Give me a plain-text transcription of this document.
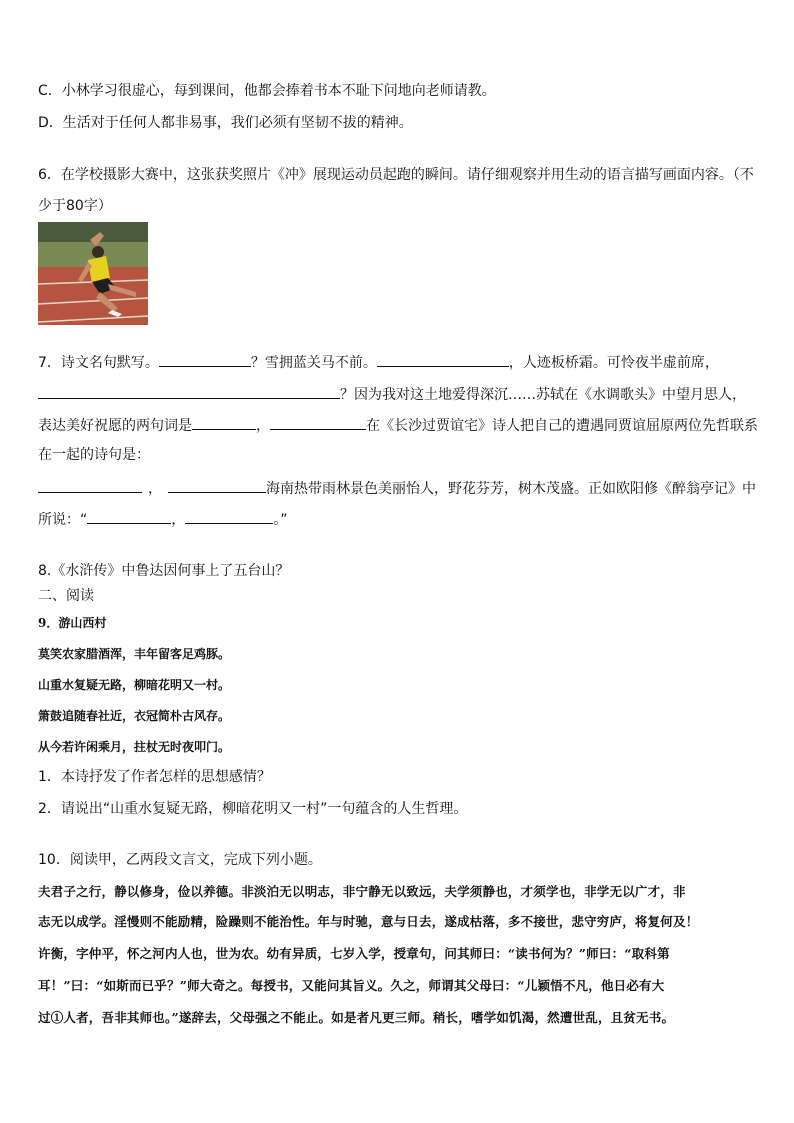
C．小林学习很虚心，每到课间，他都会捧着书本不耻下问地向老师请教。
D．生活对于任何人都非易事，我们必须有坚韧不拔的精神。
6．在学校摄影大赛中，这张获奖照片《冲》展现运动员起跑的瞬间。请仔细观察并用生动的语言描写画面内容。（不
少于80字）
7．诗文名句默写。	？雪拥蓝关马不前。	，人迹板桥霜。可怜夜半虚前席，
？因为我对这土地爱得深沉……苏轼在《水调歌头》中望月思人，
表达美好祝愿的两句词是	，	在《长沙过贾谊宅》诗人把自己的遭遇同贾谊屈原两位先哲联系
在一起的诗句是：
，	海南热带雨林景色美丽怡人，野花芬芳，树木茂盛。正如欧阳修《醉翁亭记》中
所说：“	，	。”
8.《水浒传》中鲁达因何事上了五台山？
二、阅读
9．游山西村
莫笑农家腊酒浑，丰年留客足鸡豚。
山重水复疑无路，柳暗花明又一村。
箫鼓追随春社近，衣冠简朴古风存。
从今若许闲乘月，拄杖无时夜叩门。
1．本诗抒发了作者怎样的思想感情？
2．请说出“山重水复疑无路，柳暗花明又一村”一句蕴含的人生哲理。
10．阅读甲，乙两段文言文，完成下列小题。
夫君子之行，静以修身，俭以养德。非淡泊无以明志，非宁静无以致远，夫学须静也，才须学也，非学无以广才，非
志无以成学。淫慢则不能励精，险躁则不能治性。年与时驰，意与日去，遂成枯落，多不接世，悲守穷庐，将复何及！
许衡，字仲平，怀之河内人也，世为农。幼有异质，七岁入学，授章句，问其师曰：“读书何为？”师曰：“取科第
耳！”曰：“如斯而已乎？”师大奇之。每授书，又能问其旨义。久之，师谓其父母曰：“儿颖悟不凡，他日必有大
过①人者，吾非其师也。”遂辞去，父母强之不能止。如是者凡更三师。稍长，嗜学如饥渴，然遭世乱，且贫无书。
